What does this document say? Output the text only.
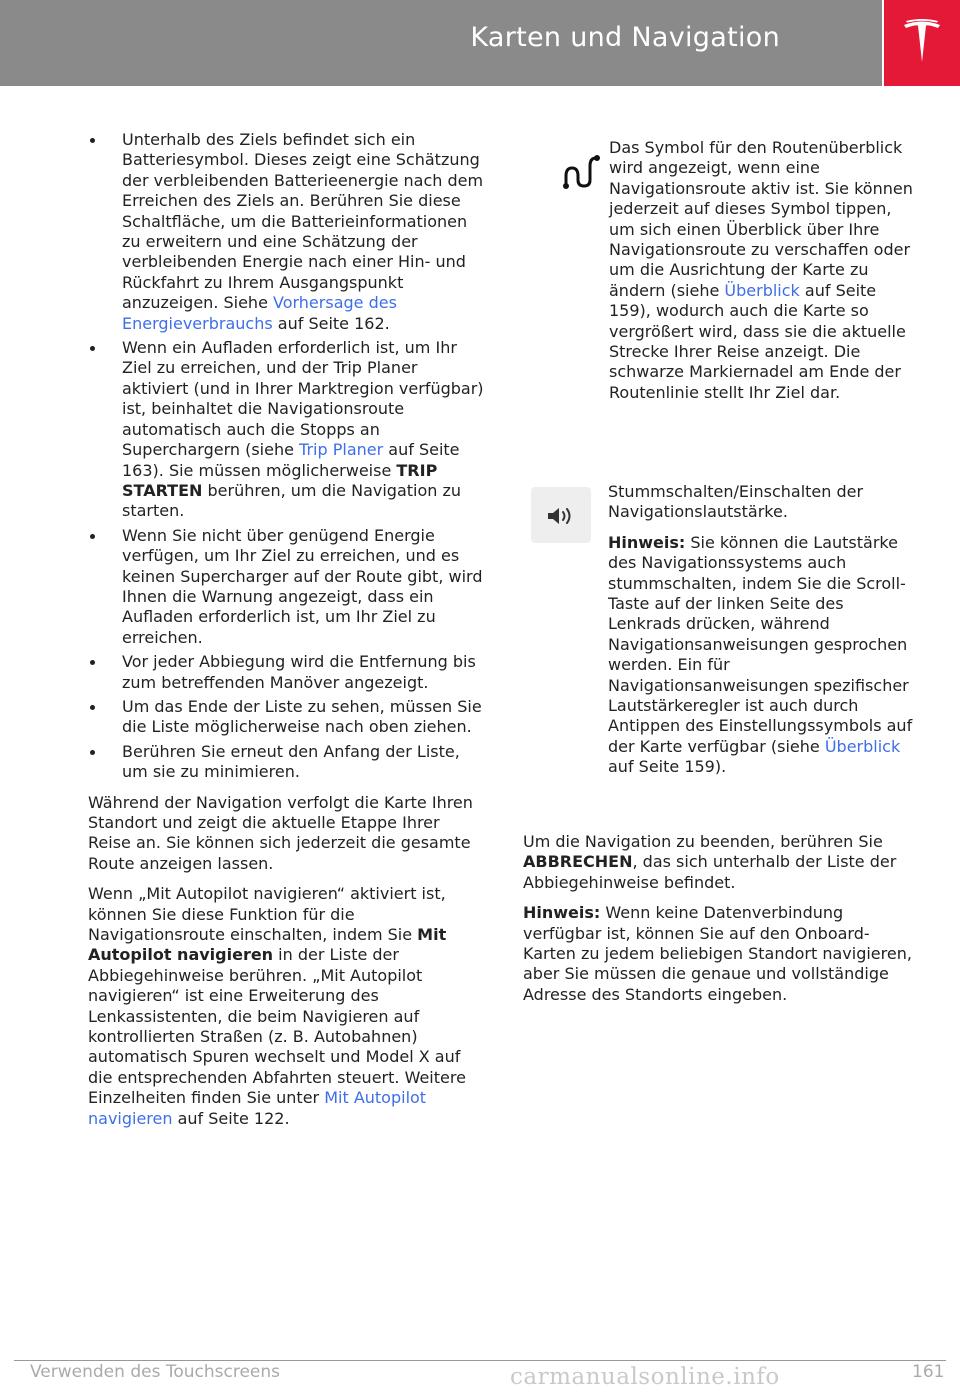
Karten und Navigation
Unterhalb des Ziels befindet sich ein Batteriesymbol. Dieses zeigt eine Schätzung der verbleibenden Batterieenergie nach dem Erreichen des Ziels an. Berühren Sie diese Schaltfläche, um die Batterieinformationen zu erweitern und eine Schätzung der verbleibenden Energie nach einer Hin- und Rückfahrt zu Ihrem Ausgangspunkt anzuzeigen. Siehe Vorhersage des Energieverbrauchs auf Seite 162.
Wenn ein Aufladen erforderlich ist, um Ihr Ziel zu erreichen, und der Trip Planer aktiviert (und in Ihrer Marktregion verfügbar) ist, beinhaltet die Navigationsroute automatisch auch die Stopps an Superchargern (siehe Trip Planer auf Seite 163). Sie müssen möglicherweise TRIP STARTEN berühren, um die Navigation zu starten.
Wenn Sie nicht über genügend Energie verfügen, um Ihr Ziel zu erreichen, und es keinen Supercharger auf der Route gibt, wird Ihnen die Warnung angezeigt, dass ein Aufladen erforderlich ist, um Ihr Ziel zu erreichen.
Vor jeder Abbiegung wird die Entfernung bis zum betreffenden Manöver angezeigt.
Um das Ende der Liste zu sehen, müssen Sie die Liste möglicherweise nach oben ziehen.
Berühren Sie erneut den Anfang der Liste, um sie zu minimieren.

Während der Navigation verfolgt die Karte Ihren Standort und zeigt die aktuelle Etappe Ihrer Reise an. Sie können sich jederzeit die gesamte Route anzeigen lassen.

Wenn „Mit Autopilot navigieren“ aktiviert ist, können Sie diese Funktion für die Navigationsroute einschalten, indem Sie Mit Autopilot navigieren in der Liste der Abbiegehinweise berühren. „Mit Autopilot navigieren“ ist eine Erweiterung des Lenkassistenten, die beim Navigieren auf kontrollierten Straßen (z. B. Autobahnen) automatisch Spuren wechselt und Model X auf die entsprechenden Abfahrten steuert. Weitere Einzelheiten finden Sie unter Mit Autopilot navigieren auf Seite 122.

Das Symbol für den Routenüberblick wird angezeigt, wenn eine Navigationsroute aktiv ist. Sie können jederzeit auf dieses Symbol tippen, um sich einen Überblick über Ihre Navigationsroute zu verschaffen oder um die Ausrichtung der Karte zu ändern (siehe Überblick auf Seite 159), wodurch auch die Karte so vergrößert wird, dass sie die aktuelle Strecke Ihrer Reise anzeigt. Die schwarze Markiernadel am Ende der Routenlinie stellt Ihr Ziel dar.

Stummschalten/Einschalten der Navigationslautstärke.

Hinweis: Sie können die Lautstärke des Navigationssystems auch stummschalten, indem Sie die Scroll-Taste auf der linken Seite des Lenkrads drücken, während Navigationsanweisungen gesprochen werden. Ein für Navigationsanweisungen spezifischer Lautstärkeregler ist auch durch Antippen des Einstellungssymbols auf der Karte verfügbar (siehe Überblick auf Seite 159).

Um die Navigation zu beenden, berühren Sie ABBRECHEN, das sich unterhalb der Liste der Abbiegehinweise befindet.

Hinweis: Wenn keine Datenverbindung verfügbar ist, können Sie auf den Onboard-Karten zu jedem beliebigen Standort navigieren, aber Sie müssen die genaue und vollständige Adresse des Standorts eingeben.

Verwenden des Touchscreens	carmanualsonline.info	161
